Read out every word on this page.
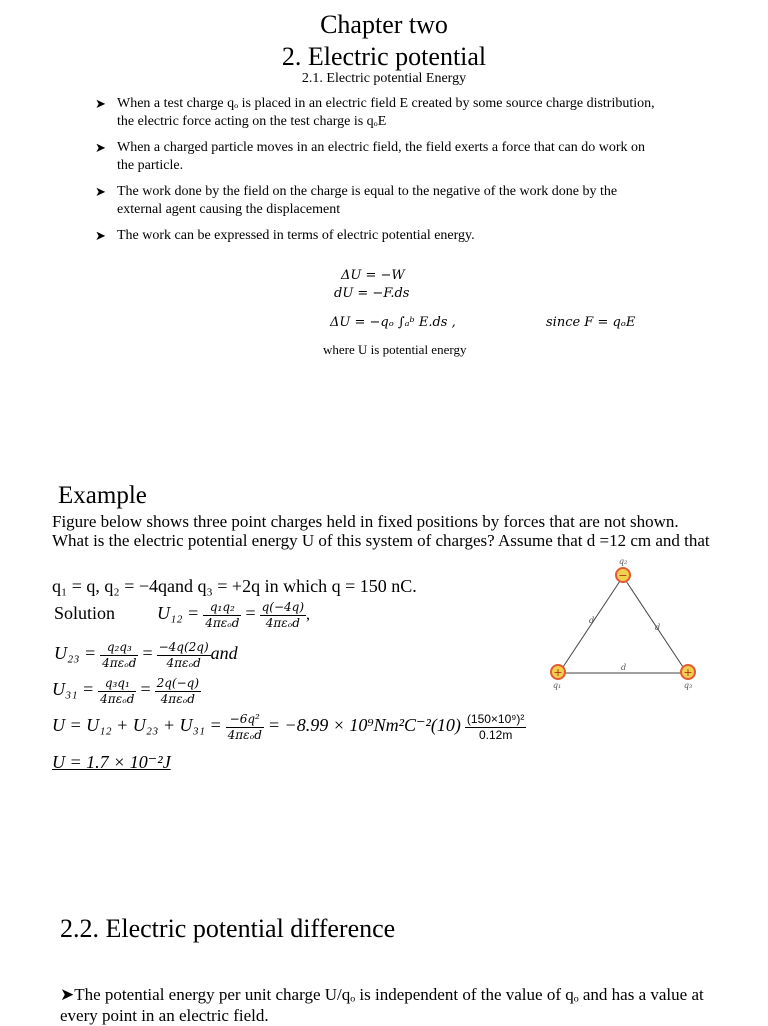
Chapter two
2. Electric potential
2.1. Electric potential Energy
➤ When a test charge qₒ is placed in an electric field E created by some source charge distribution, the electric force acting on the test charge is qₒE
➤ When a charged particle moves in an electric field, the field exerts a force that can do work on the particle.
➤ The work done by the field on the charge is equal to the negative of the work done by the external agent causing the displacement
➤ The work can be expressed in terms of electric potential energy.
ΔU = −W
dU = −F.ds
ΔU = −qₒ ∫ₐᵇ E.ds ,	since F = qₒE
where U is potential energy
Example
Figure below shows three point charges held in fixed positions by forces that are not shown. What is the electric potential energy U of this system of charges? Assume that d =12 cm and that
q₁ = q, q₂ = −4qand q₃ = +2q in which q = 150 nC.
Solution $U_{12} = \frac{\text{q₁q₂}}{\text{4πεₒd}} = \frac{q(-4q)}{\text{4πεₒd}}$ ,
$U_{23} = \frac{\text{q₂q₃}}{\text{4πεₒd}} = \frac{-4q(2q)}{\text{4πεₒd}}$ and
$U_{31} = \frac{\text{q₃q₁}}{\text{4πεₒd}} = \frac{2q(-q)}{\text{4πεₒd}}$
$U = U_{12} + U_{23} + U_{31} = \frac{\text{−6q²}}{\text{4πεₒd}} = -8.99 \times 10^9Nm^2C^{-2}(10) \frac{\text{(150×10⁹)²}}{0.12m}$
U = 1.7 × 10⁻²J
−
+	+
q₂
q₁	q₃
d
d
d
2.2. Electric potential difference
➤The potential energy per unit charge U/qₒ is independent of the value of qₒ and has a value at every point in an electric field.
